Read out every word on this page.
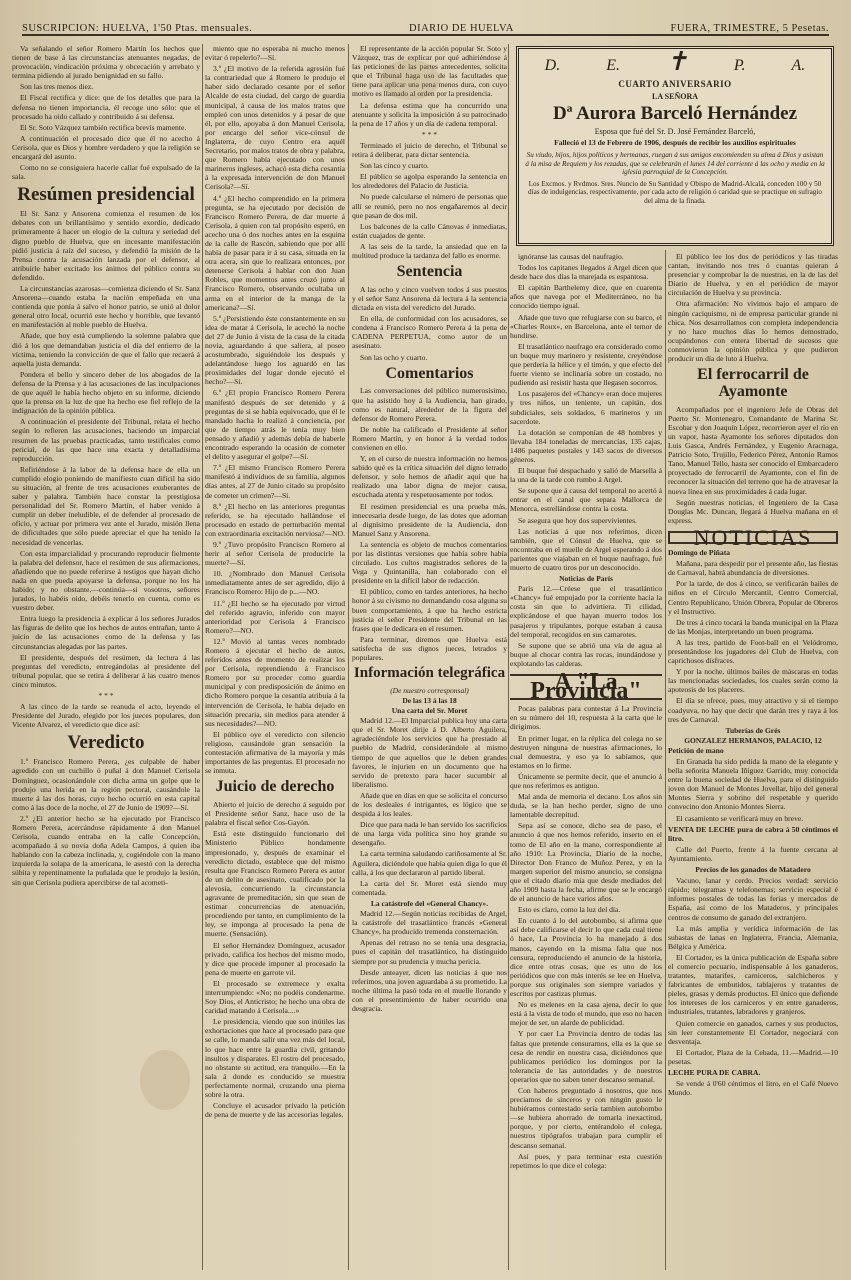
SUSCRIPCION: HUELVA, 1'50 Ptas. mensuales.	DIARIO DE HUELVA	FUERA, TRIMESTRE, 5 Pesetas.

Va señalando el señor Romero Martín los hechos que tienen de base á las circunstancias atenuantes negadas, de provocación, vindicación próxima y obcecación y arrebato y termina pidiendo al jurado benignidad en su fallo.

Son las tres menos diez.

El Fiscal rectifica y dice: que de los detalles que para la defensa no tienen importancia, él recoge uno sólo: que el procesado ha oido callado y contribuido á su defensa.

El Sr. Soto Vázquez también rectifica brevís mamente.

A continuación el procesado dice que él no acecho á Cerisola, que es Dios y hombre verdadero y que la religión se encargará del asunto.

Como no se consiguiera hacerle callar fué expulsado de la sala.

Resúmen presidencial

El Sr. Sanz y Ansorena comienza el resumen de los debates con un brillantísimo y sentido exordio, dedicado primeramente á hacer un elogio de la cultura y seriedad del digno pueblo de Huelva, que en incesante manifestación pidió justicia á raíz del suceso, y defendió la misión de la Prensa contra la acusación lanzada por el defensor, al atribuirle haber excitado los ánimos del público contra su defendido.

La circunstancias azarosas—comienza diciendo el Sr. Sanz Ansorena—cuando estaba la nación empeñada en una contienda que ponía á salvo el honor patrio, se unió al dolor general otro local, ocurrió este hecho y horrible, que levantó en manifestación al noble pueblo de Huelva.

Añade, que hoy está cumpliendo la solemne palabra que dió á los que demandaban justicia el día del entierro de la víctima, teniendo la convicción de que el fallo que recaerá á aquella justa demanda.

Pondera el bello y sincero deber de los abogados de la defensa de la Prensa y á las acusaciones de las inculpaciones de que aquél le había hecho objeto en su informe, diciendo que la prensa en la luz de que ha hecho ese fiel reflejo de la indignación de la opinión pública.

A continuación el presidente del Tribunal, relata el hecho según lo refieren las acusaciones, haciendo un imparcial resumen de las pruebas practicadas, tanto testificales como pericial, de las que hace una exacta y detalladísima reproducción.

Refiriéndose á la labor de la defensa hace de ella un cumplido elogio poniendo de manifiesto cuan difícil ha sido su situación, al frente de tres acusaciones exuberantes de saber y palabra. También hace constar la prestigiosa personalidad del Sr. Romero Martín, el haber venido á cumplir un deber ineludible, el de defender al procesado de oficio, y actuar por primera vez ante el Jurado, misión llena de dificultades que sólo puede apreciar el que ha tenido la necesidad de vencerlas.

Con esta imparcialidad y procurando reproducir fielmente la palabra del defensor, hace el resúmen de sus afirmaciones, añadiendo que no puede referirse á testigos que hayan dicho nada en que pueda apoyarse la defensa, porque no los ha habido; y no obstante,—continúa—si vosotros, señores jurados, lo habéis oido, debéis tenerlo en cuenta, como es vuestro deber.

Entra luego la presidencia á explicar á los señores Jurados las figuras de delito que los hechos de autos entrañan, tanto á juicio de las acusaciones como de la defensa y las circunstancias alegadas por las partes.

El presidente, después del resúmen, da lectura á las preguntas del veredicto, entregándolas al presidente del tribunal popular, que se retira á deliberar á las cuatro menos cinco minutos.

* * *

A las cinco de la tarde se reanuda el acto, leyendo el Presidente del Jurado, elegido por los jueces populares, don Vicente Alvarez, el veredicto que dice así:

Veredicto

1.º Francisco Romero Perera, ¿es culpable de haber agredido con un cuchillo ó puñal á don Manuel Cerisola Domínguez, ocasionándole con dicha arma un golpe que le produjo una herida en la región pectoral, causándole la muerte á las dos horas, cuyo hecho ocurrió en esta capital como á las doce de la noche, el 27 de Junio de 1909?—Sí.

2.º ¿El anterior hecho se ha ejecutado por Francisco Romero Perera, acercándose rápidamente á don Manuel Cerisola, cuando entraba en la calle Concepción, acompañado á su novia doña Adela Campos, á quien iba hablando con la cabeza inclinada, y, cogiéndole con la mano izquierda la solapa de la americana, le asestó con la derecha súbita y repentinamente la puñalada que le produjo la lesión, sin que Cerisola pudiera apercibirse de tal acometi-

miento que no esperaba ni mucho menos evitar ó repelerlo?—Sí.

3.º ¿El motivo de la referida agresión fué la contrariedad que á Romero le produjo el haber sido declarado cesante por el señor Alcalde de esta ciudad, del cargo de guardia municipal, á causa de los malos tratos que empleó con unos detenidos y á pesar de que él, por ello, apoyaba á don Manuel Cerisola, por encargo del señor vice-cónsul de Inglaterra, de cuyo Centro era aquél Secretario, por malos tratos de obra y palabra, que Romero había ejecutado con unos marineros ingleses, achacó esta dicha cesantía á la expresada intervención de don Manuel Cerisola?—Sí.

4.º ¿El hecho comprendido en la primera pregunta, se ha ejecutado por decisión de Francisco Romero Perera, de dar muerte á Cerisola, á quien con tal propósito esperó, en acecho una ó dos noches antes en la esquina de la calle de Rascón, sabiendo que por allí había de pasar para ir á su casa, situada en la otra acera, sin que lo realizara entonces, por detenerse Cerisola á hablar con don Juan Robles, que momentos antes cruzó junto al Francisco Romero, observando ocultaba un arma en el interior de la manga de la americana?—Sí.

5.º ¿Persistiendo éste constantemente en su idea de matar á Cerisola, le acechó la noche del 27 de Junio á vista de la casa de la citada novia, aguardando á que saliera, al poseo acostumbrado, siguiéndole los después y adelantándose luego los aguardó en las proximidades del lugar donde ejecutó el hecho?—Sí.

6.º ¿El propio Francisco Romero Perera manifestó después de ser detenido y á preguntas de si se había equivocado, que él le mandado hacha lo realizó á conciencia, por que de tiempo atrás le tenía muy bien pensado y añadió y además debía de haberle encontrado esperando la ocasión de cometer el delito y asegurar el golpe?—Sí.

7.º ¿El mismo Francisco Romero Perera manifestó á individuos de su familia, algunos días antes, al 27 de Junio citado su propósito de cometer un crimen?—Sí.

8.º ¿El hecho en las anteriores preguntas referido, se ha ejecutado hallándose el procesado en estado de perturbación mental con extraordinaria excitación nerviosa?—NO.

9.º ¿Tuvo propósito Francisco Romero al herir al señor Cerisola de producirle la muerte?—Sí.

10. ¿Nombrado don Manuel Cerisola inmediatamente antes de ser agredido, dijo á Francisco Romero: Hijo de p...—NO.

11.º ¿El hecho se ha ejecutado por virtud del referido agravio, inferido con mayor anterioridad por Cerisola á Francisco Romero?—NO.

12.º Movió al tantas veces nombrado Romero á ejecutar el hecho de autos, referidos antes de momento de realizar los por Cerisola, reprendiendo á Francisco Romero por su proceder como guardia municipal y con predisposición de ánimo en dicho Romero porque la cesantía atribuía á la intervención de Cerisola, le había dejado en situación precaria, sin medios para atender á sus necesidades?—NO.

El público oye el veredicto con silencio religioso, causándole gran sensación la contestación afirmativa de la mayoría y más importantes de las preguntas. El procesado no se inmuta.

Juicio de derecho

Abierto el juicio de derecho á seguido por el Presidente señor Sanz, hace uso de la palabra el fiscal señor Cos-Gayón.

Está este distinguido funcionario del Ministerio Público hondamente impresionado, y, después de examinar el veredicto dictado, establece que del mismo resulta que Francisco Romero Perera es autor de un delito de asesinato, cualificado por la alevosía, concurriendo la circunstancia agravante de premeditación, sin que sean de estimar concurrencias de atenuación, procediendo por tanto, en cumplimiento de la ley, se imponga al procesado la pena de muerte. (Sensación).

El señor Hernández Domínguez, acusador privado, califica los hechos del mismo modo, y dice que procede imponer al procesado la pena de muerte en garrote vil.

El procesado se extremece y exalta interrumpiendo: «No; no podéis condenarme. Soy Dios, el Anticristo; he hecho una obra de caridad matando á Cerisola....»

Le presidencia, viendo que son inútiles las exhortaciones que hace al procesado para que se calle, lo manda salir una vez más del local, lo que hace entre la guardia civil, gritando insultos y disparates. El rostro del procesado, no obstante su actitud, era tranquilo.—En la sala á donde es conducido se muestra perfectamente normal, cruzando una pierna sobre la otra.

Concluye el acusador privado la petición de pena de muerte y de las accesorias legales.

El representante de la acción popular Sr. Soto y Vázquez, tras de explicar por qué adhiriéndose á las peticiones de las partes antecedentes, solicita que el Tribunal haga uso de las facultades que tiene para aplicar una pena menos dura, con cuyo motivo es llamado al orden por la presidencia.

La defensa estima que ha concurrido una atenuante y solicita la imposición á su patrocinado la pena de 17 años y un día de cadena temporal.

* * *

Terminado el juicio de derecho, el Tribunal se retira á deliberar, para dictar sentencia.

Son las cinco y cuarto.

El público se agolpa esperando la sentencia en los alrededores del Palacio de Justicia.

No puede calcularse el número de personas que allí se reunió, pero no nos engañaremos al decir que pasan de dos mil.

Los balcones de la calle Cánovas é inmediatas, están cuajados de gente.

A las seis de la tarde, la ansiedad que en la multitud produce la tardanza del fallo es enorme.

Sentencia

A las ocho y cinco vuelven todos á sus puestos y el señor Sanz Ansorena dá lectura á la sentencia dictada en vista del veredicto del Jurado.

En ella, de conformidad con los acusadores, se condena á Francisco Romero Perera á la pena de CADENA PERPETUA, como autor de un asesinato.

Son las ocho y cuarto.

Comentarios

Las conversaciones del público numerosísimo, que ha asistido hoy á la Audiencia, han girado, como es natural, alrededor de la figura del defensor de Romero Perera.

De noble ha calificado el Presidente al señor Romero Martín, y en honor á la verdad todos convienen en ello.

Y, en el curso de nuestra información no hemos sabido qué es la crítica situación del digno letrado defensor, y solo hemos de añadir aquí que ha realizado una labor digna de mejor causa, escuchada atenta y respetuosamente por todos.

El resúmen presidencial es una prueba más, innecesaria desde luego, de las dotes que adornan al dignísimo presidente de la Audiencia, don Manuel Sanz y Ansorena.

La sentencia es objeto de muchos comentarios por las distintas versiones que había sobre había circulado. Los cultos magistrados señores de la Vega y Quintanilla, han colaborado con el presidente en la difícil labor de redacción.

El público, como en tardes anteriores, ha hecho honor á su civismo no demandando cosa alguna su buen comportamiento, á que ha hecho estricta justicia el señor Presidente del Tribunal en las frases que le dedicara en el resumen.

Para terminar, diremos que Huelva está satisfecha de sus dignos jueces, letrados y populares.

Información telegráfica
(De nuestro corresponsal)
De las 13 á las 18
Una carta del Sr. Moret

Madrid 12.—El Imparcial publica hoy una carta que el Sr. Moret dirije á D. Alberto Aguilera, agradeciéndole los servicios que ha prestado al pueblo de Madrid, considerándole al mismo tiempo de que aquellos que le deben grandes favores, le injurien en un documento que ha servido de pretexto para hacer sucumbir al liberalismo.

Añade que en días en que se solicita el concurso de los desleales é intrigantes, es lógico que se despida á los leales.

Dice que para nada le han servido los sacrificios de una larga vida política sino hoy grande su desengaño.

La carta termina saludando cariñosamente al Sr. Aguilera, diciéndole que había quien diga lo que él calla, á los que declararon al partido liberal.

La carta del Sr. Moret está siendo muy comentada.

La catástrofe del «General Chancy».

Madrid 12.—Según noticias recibidas de Argel, la catástrofe del trasatlántico francés «General Chancy», ha producido tremenda consternación.

Apenas del retraso no se tenía una desgracia, pues el capitán del trasatlántico, ha distinguido siempre por su prudencia y mucha pericia.

Desde anteayer, dicen las noticias á que nos referimos, una joven aguardaba á su prometido. La noche última la pasó toda en el muelle llorando y con el presentimiento de haber ocurrido una desgracia.

D.	E. ✝	P.	A.
CUARTO ANIVERSARIO
LA SEÑORA
Dª Aurora Barceló Hernández
Esposa que fué del Sr. D. José Fernández Barceló,
Falleció el 13 de Febrero de 1906, después de recibir los auxilios espirituales
Su viudo, hijos, hijos políticos y hermanas, ruegan á sus amigos encomienden su alma á Dios y asistan á la misa de Requiem y los rezadas, que se celebrarán el lunes 14 del corriente á las ocho y media en la iglesia parroquial de la Concepción.
Los Excmos. y Rvdmos. Sres. Nuncio de Su Santidad y Obispo de Madrid-Alcalá, conceden 100 y 50 días de indulgencias, respectivamente, por cada acto de religión ó caridad que se practique en sufragio del alma de la finada.

ignóranse las causas del naufragio.

Todos los capitanes llegados á Argel dicen que desde hace dos días la marejada es espantosa.

El capitán Barthelemy dice, que en cuarenta años que navega por el Mediterráneo, no ha conocido tiempo igual.

Añade que tuvo que refugiarse con su barco, el «Charles Roux», en Barcelona, ante el temor de hundirse.

El trasatlántico naufrago era considerado como un buque muy marinero y resistente, creyéndose que perdería la hélice y el timón, y que efecto del fuerte viento se inclinaría sobre un costado, no pudiendo así resistir hasta que llegasen socorros.

Los pasajeros del «Chancy» eran doce mujeres y tres niños, un teniente, un capitán, dos subdiciales, seis soldados, 6 marineros y un sacerdote.

La dotación se componían de 48 hombres y llevaba 184 toneladas de mercancías, 135 cajas, 1486 paquetes postales y 143 sacos de diversos géneros.

El buque fué despachado y salió de Marsella á la una de la tarde con rumbo á Argel.

Se supone que á causa del temporal no acertó á entrar en el canal que separa Mallorca de Menorca, estrellándose contra la costa.

Se asegura que hoy dos supervivientes.

Las noticias á que nos referimos, dicen también, que el Cónsul de Huelva, que se encontraba en el muelle de Argel esperando á dos parientes que viajaban en el buque naufrago, fué muerto de cuatro tiros por un desconocido.

Noticias de París

París 12.—Créese que el trasatlántico «Chancy» fué empujado por la corriente hacia la costa sin que lo advirtiera. Ti cilidad, explicándose el que hayan muerto todos los pasajeros y tripulantes, porque estaban á causa del temporal, recogidos en sus camarotes.

Se supone que se abrió una vía de agua al buque al chocar contra las rocas, inundándose y explotando las calderas.

A "La Provincia"

Pocas palabras para contestar á La Provincia en su número del 10, respuesta á la carta que le dirigimos.

En primer lugar, en la réplica del colega no se destruyen ninguna de nuestras afirmaciones, lo cual demuestra, y eso ya lo sabíamos, que estamos en lo firme.

Únicamente se permite decir, que el anuncio á que nos referimos es antiguo.

Mal anda de memoria el decano. Los años sin duda, se la han hecho perder, signo de uno lamentable decrepitud.

Sepa así se conoce, dicho sea de paso, el anuncio á que nos hemos referido, inserto en el tomo de El año en la mano, correspondiente al año 1910: La Provincia, Diario de la noche, Director Don Franco de Muñoz Perez, y en la margen superior del mismo anuncio, se consigna que el citado diario mía que desde mediados del año 1909 hasta la fecha, afirme que se le encargó de el anuncio de hace varios años.

Esto es claro, como la luz del día.

En cuanto á lo del autobombo, si afirma que así debe calificarse el decir lo que cada cual tiene ó hace, La Provincia lo ha manejado á dos manos, cayendo en la misma falta que nos censura, reproduciendo el anuncio de la historia, dice entre otras cosas, que es uno de los periódicos que con más interés se lee en Huelva, porque sus originales son siempre variados y escritos por castizas plumas.

No es melenes en la casa ajena, decir lo que está á la vista de todo el mundo, que eso no hacen mejor de ser, un alarde de publicidad.

Y por caer La Provincia dentro de todas las faltas que pretende censurarnos, ella es la que se cesa de rendir en nuestra casa, diciéndonos que publicamos periódico los domingos por la tolerancia de las autoridades y de nuestros operarios que no saben tener descanso semanal.

Con haberos preguntado á nosotros, que nos preciamos de sinceros y con ningún gusto le hubiéramos contestado sería tambien autobombo—se hubiera ahorrado de tomarla inexactitud, porque, y por cierto, entérandolo el colega, nuestros tipógrafos trabajan para cumplir el descanso semanal.

Así pues, y para terminar esta cuestión repetimos lo que dice el colega:

El público lee los dos de periódicos y las tiradas cantan, invitando nos tres ó cuantas quieran á presenciar y comprobar la de nuestras, en la de las del Diario de Huelva, y en el periódico de mayor circulación de Huelva y su provincia.

Otra afirmación: No vivimos bajo el amparo de ningún caciquismo, ni de empresa particular grande ni chica. Nos desarrollamos con completa independencia y no hace muchos días lo hemos demostrado, ocupándonos con entera libertad de sucesos que conmovieron la opinión pública y que pudieron producir un día de luto á Huelva.

El ferrocarril de Ayamonte

Acompañados por el ingeniero Jefe de Obras del Puerto Sr. Montenegro, Comandante de Marina Sr. Escobar y don Joaquín López, recorrieron ayer el río en un vapor, hasta Ayamonte los señores diputados don Luis Gasca, Andrés Fernández, y Eugenio Aracnaga, Patricio Soto, Trujillo, Federico Pérez, Antonio Ramos Tano, Manuel Tello, hasta ser conocido el Embarcadero proyectado de ferrocarril de Ayamonte, con el fin de reconocer la situación del terreno que ha de atravesar la nueva línea en sus proximidades á cada lugar.

Según nuestras noticias, el Ingeniero de la Casa Douglas Mc. Duncan, llegará á Huelva mañana en el express.

NOTICIAS

Domingo de Piñata

Mañana, para despedir por el presente año, las fiestas de Carnaval, habrá abundancia de diversiones.

Por la tarde, de dos á cinco, se verificarán bailes de niños en el Círculo Mercantil, Centro Comercial, Centro Republicano, Unión Obrera, Popular de Obreros y el Instructivo.

De tres á cinco tocará la banda municipal en la Plaza de las Monjas, interpretando un buen programa.

A las tres, partido de Foot-ball en el Velódromo, presentándose los jugadores del Club de Huelva, con caprichosos disfraces.

Y por la noche, últimos bailes de máscaras en todas las mencionadas sociedades, los cuales serán como la apoteosis de los placeres.

El día se ofrece, pues, muy atractivo y si el tiempo coadyuva, no hay que decir que darán tres y raya á los tres de Carnaval.

Tuberías de Grés
GONZALEZ HERMANOS, PALACIO, 12

Petición de mano

En Granada ha sido pedida la mano de la elegante y bella señorita Manuela Iñiguez Garrido, muy conocida entre la buena sociedad de Huelva, para el distinguido joven don Manuel de Montes Jovellar, hijo del general Montes Sierra y sobrino del respetable y querido convecino don Antonio Montes Sierra.

El casamiento se verificará muy en breve.

VENTA DE LECHE pura de cabra á 50 céntimos el litro.

Calle del Puerto, frente á la fuente cercana al Ayuntamiento.

Precios de los ganados de Matadero

Vacuno, lanar y cerdo. Precios verdad: servicio rápido; telegramas y telefonemas; servicio especial é informes postales de todas las ferias y mercados de España, así como de los Mataderos, y principales centros de consumo de ganado del extranjero.

La más amplia y verídica información de las subastas de lanas en Inglaterra, Francia, Alemania, Bélgica y América.

El Cortador, es la única publicación de España sobre el comercio pecuario, indispensable á los ganaderos, tratantes, matarifes, carniceros, salchicheros y fabricantes de embutidos, tablajeros y tratantes de pieles, grasas y demás productos. El único que defiende los intereses de los carniceros y en entre ganaderos, industriales, tratantes, labradores y granjeros.

Quien comercie en ganados, carnes y sus productos, sin leer constantemente El Cortador, negociará con desventaja.

El Cortador, Plaza de la Cebada, 11.—Madrid.—10 pesetas.

LECHE PURA DE CABRA.

Se vende á 0'60 céntimos el litro, en el Café Nuevo Mundo.
